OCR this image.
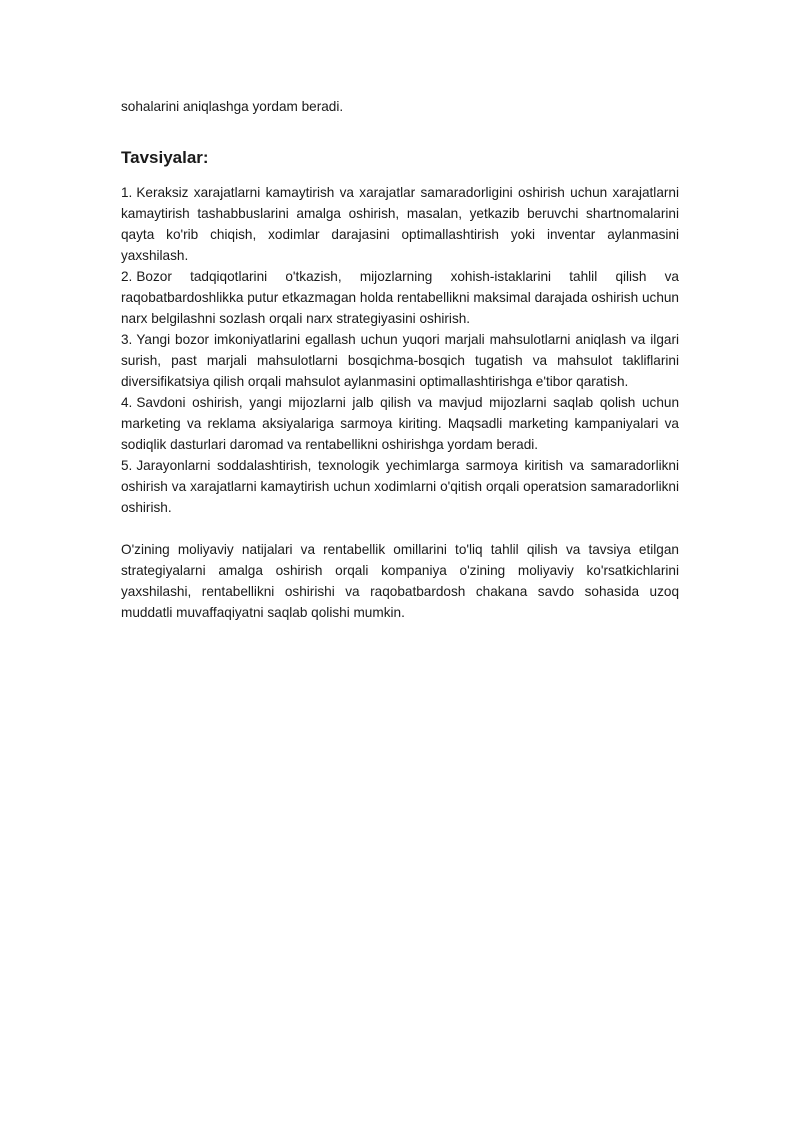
sohalarini aniqlashga yordam beradi.

Tavsiyalar:

1. Keraksiz xarajatlarni kamaytirish va xarajatlar samaradorligini oshirish uchun xarajatlarni kamaytirish tashabbuslarini amalga oshirish, masalan, yetkazib beruvchi shartnomalarini qayta ko'rib chiqish, xodimlar darajasini optimallashtirish yoki inventar aylanmasini yaxshilash.

2. Bozor tadqiqotlarini o'tkazish, mijozlarning xohish-istaklarini tahlil qilish va raqobatbardoshlikka putur etkazmagan holda rentabellikni maksimal darajada oshirish uchun narx belgilashni sozlash orqali narx strategiyasini oshirish.

3. Yangi bozor imkoniyatlarini egallash uchun yuqori marjali mahsulotlarni aniqlash va ilgari surish, past marjali mahsulotlarni bosqichma-bosqich tugatish va mahsulot takliflarini diversifikatsiya qilish orqali mahsulot aylanmasini optimallashtirishga e'tibor qaratish.

4. Savdoni oshirish, yangi mijozlarni jalb qilish va mavjud mijozlarni saqlab qolish uchun marketing va reklama aksiyalariga sarmoya kiriting. Maqsadli marketing kampaniyalari va sodiqlik dasturlari daromad va rentabellikni oshirishga yordam beradi.

5. Jarayonlarni soddalashtirish, texnologik yechimlarga sarmoya kiritish va samaradorlikni oshirish va xarajatlarni kamaytirish uchun xodimlarni o'qitish orqali operatsion samaradorlikni oshirish.

O'zining moliyaviy natijalari va rentabellik omillarini to'liq tahlil qilish va tavsiya etilgan strategiyalarni amalga oshirish orqali kompaniya o'zining moliyaviy ko'rsatkichlarini yaxshilashi, rentabellikni oshirishi va raqobatbardosh chakana savdo sohasida uzoq muddatli muvaffaqiyatni saqlab qolishi mumkin.
